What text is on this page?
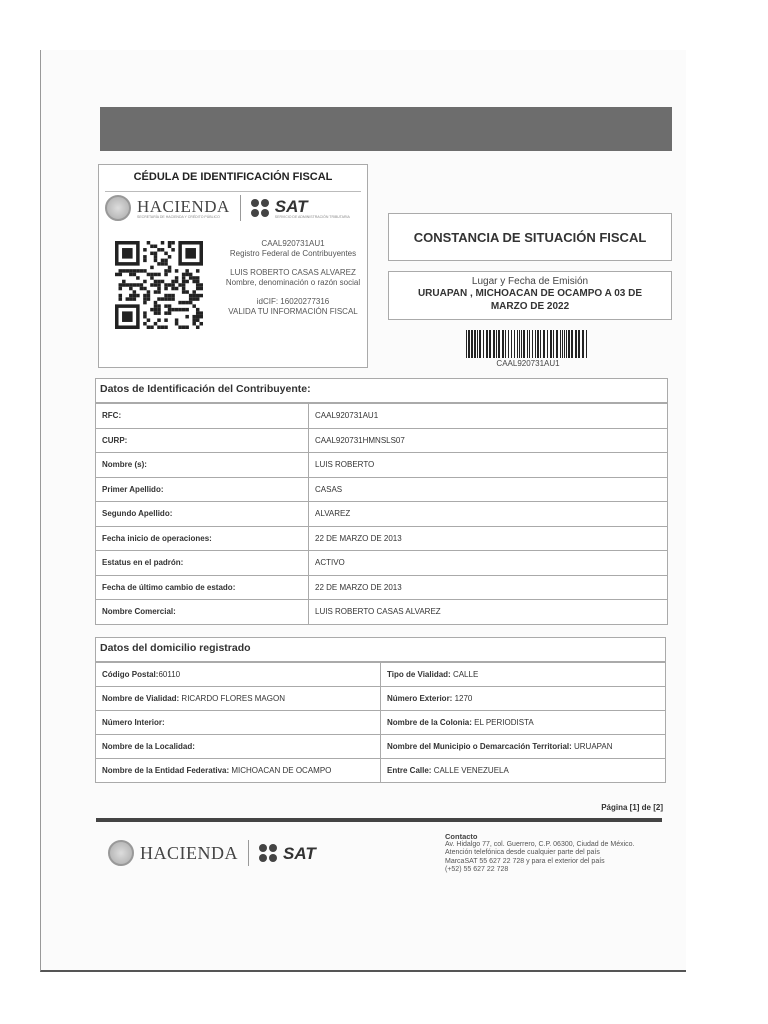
CÉDULA DE IDENTIFICACIÓN FISCAL
HACIENDA
SECRETARÍA DE HACIENDA Y CRÉDITO PÚBLICO
SAT
SERVICIO DE ADMINISTRACIÓN TRIBUTARIA

CAAL920731AU1
Registro Federal de Contribuyentes

LUIS ROBERTO CASAS ALVAREZ
Nombre, denominación o razón social

idCIF: 16020277316
VALIDA TU INFORMACIÓN FISCAL

CONSTANCIA DE SITUACIÓN FISCAL
Lugar y Fecha de Emisión
URUAPAN , MICHOACAN DE OCAMPO A 03 DE
MARZO DE 2022
CAAL920731AU1
Datos de Identificación del Contribuyente:
RFC:	CAAL920731AU1
CURP:	CAAL920731HMNSLS07
Nombre (s):	LUIS ROBERTO
Primer Apellido:	CASAS
Segundo Apellido:	ALVAREZ
Fecha inicio de operaciones:	22 DE MARZO DE 2013
Estatus en el padrón:	ACTIVO
Fecha de último cambio de estado:	22 DE MARZO DE 2013
Nombre Comercial:	LUIS ROBERTO CASAS ALVAREZ
Datos del domicilio registrado
Código Postal:60110	Tipo de Vialidad: CALLE
Nombre de Vialidad: RICARDO FLORES MAGON	Número Exterior: 1270
Número Interior:	Nombre de la Colonia: EL PERIODISTA
Nombre de la Localidad:	Nombre del Municipio o Demarcación Territorial: URUAPAN
Nombre de la Entidad Federativa: MICHOACAN DE OCAMPO	Entre Calle: CALLE VENEZUELA
Página [1] de [2]
HACIENDA	SAT
Contacto
Av. Hidalgo 77, col. Guerrero, C.P. 06300, Ciudad de México.
Atención telefónica desde cualquier parte del país
MarcaSAT 55 627 22 728 y para el exterior del país
(+52) 55 627 22 728
